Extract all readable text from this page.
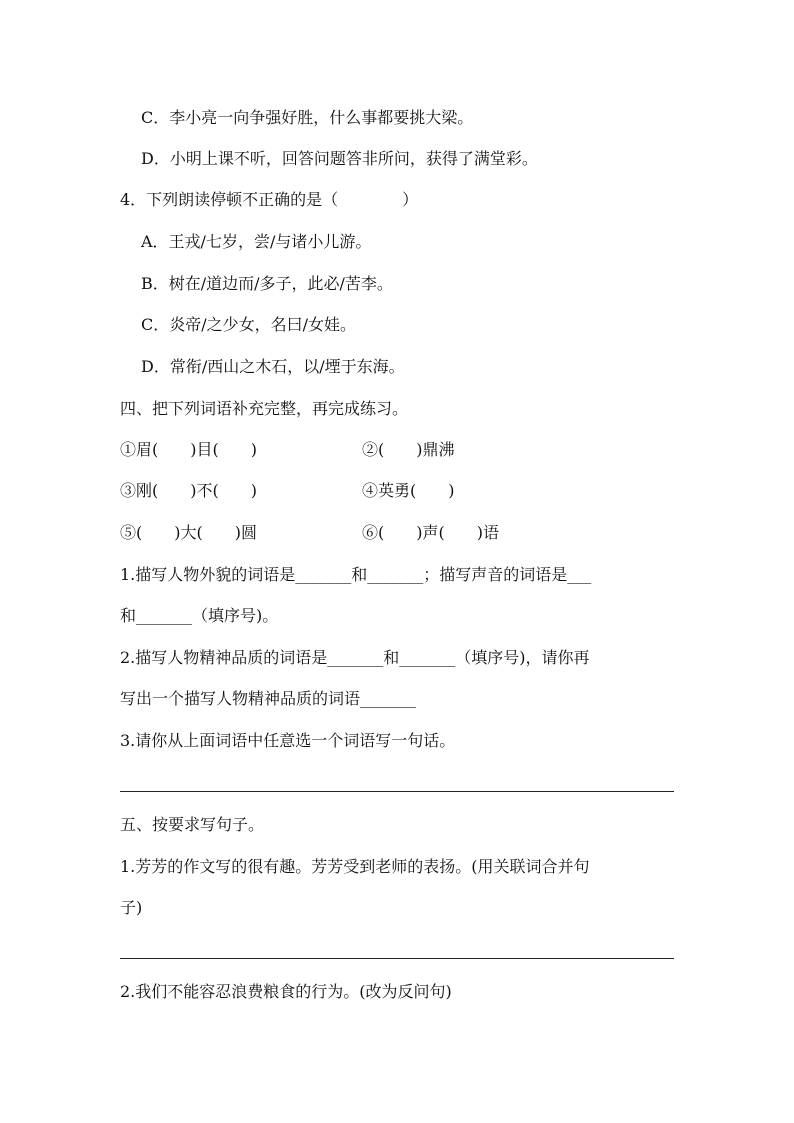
C．李小亮一向争强好胜，什么事都要挑大梁。
D．小明上课不听，回答问题答非所问，获得了满堂彩。
4．下列朗读停顿不正确的是（　　　　）
A．王戎/七岁，尝/与诸小儿游。
B．树在/道边而/多子，此必/苦李。
C．炎帝/之少女，名曰/女娃。
D．常衔/西山之木石，以/堙于东海。
四、把下列词语补充完整，再完成练习。
①眉(　　)目(　　)	②(　　)鼎沸
③刚(　　)不(　　)	④英勇(　　)
⑤(　　)大(　　)圆	⑥(　　)声(　　)语
1.描写人物外貌的词语是_______和_______；描写声音的词语是___
和_______（填序号)。
2.描写人物精神品质的词语是_______和_______（填序号)，请你再
写出一个描写人物精神品质的词语_______
3.请你从上面词语中任意选一个词语写一句话。
五、按要求写句子。
1.芳芳的作文写的很有趣。芳芳受到老师的表扬。(用关联词合并句
子)
2.我们不能容忍浪费粮食的行为。(改为反问句)
